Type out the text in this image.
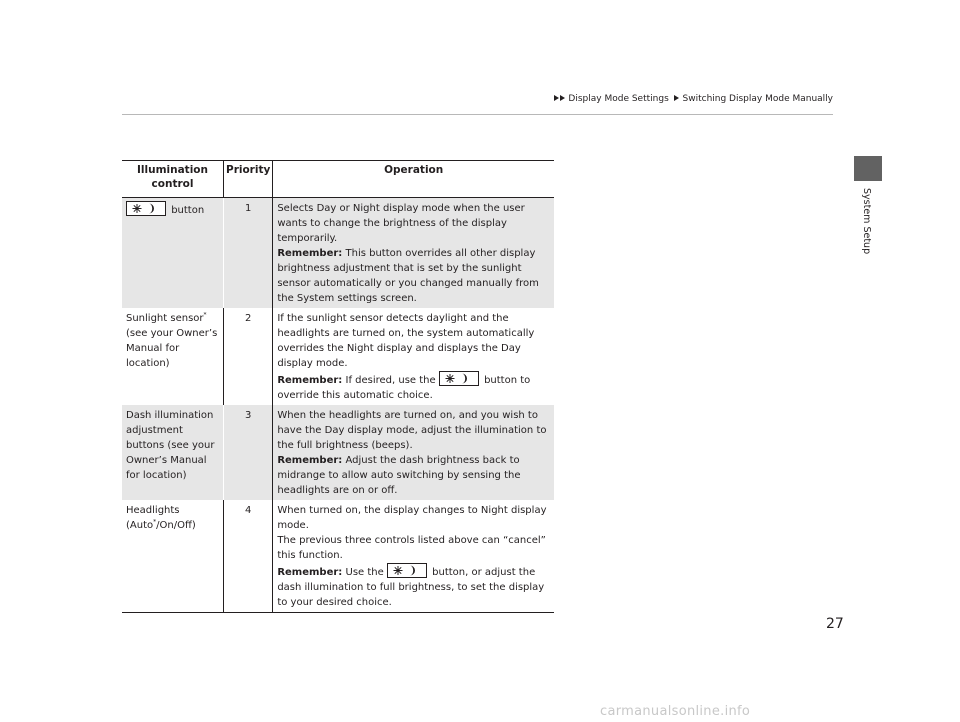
Display Mode Settings Switching Display Mode Manually
System Setup
Illumination control	Priority	Operation

button	1	Selects Day or Night display mode when the user wants to change the brightness of the display temporarily.
Remember: This button overrides all other display brightness adjustment that is set by the sunlight sensor automatically or you changed manually from the System settings screen.
Sunlight sensor*
(see your Owner’s Manual for location)	2	If the sunlight sensor detects daylight and the headlights are turned on, the system automatically overrides the Night display and displays the Day display mode.
Remember: If desired, use the button to override this automatic choice.
Dash illumination adjustment buttons (see your Owner’s Manual for location)	3	When the headlights are turned on, and you wish to have the Day display mode, adjust the illumination to the full brightness (beeps).
Remember: Adjust the dash brightness back to midrange to allow auto switching by sensing the headlights are on or off.
Headlights
(Auto*/On/Off)	4	When turned on, the display changes to Night display mode.
The previous three controls listed above can “cancel” this function.
Remember: Use the button, or adjust the dash illumination to full brightness, to set the display to your desired choice.
27
carmanualsonline.info
